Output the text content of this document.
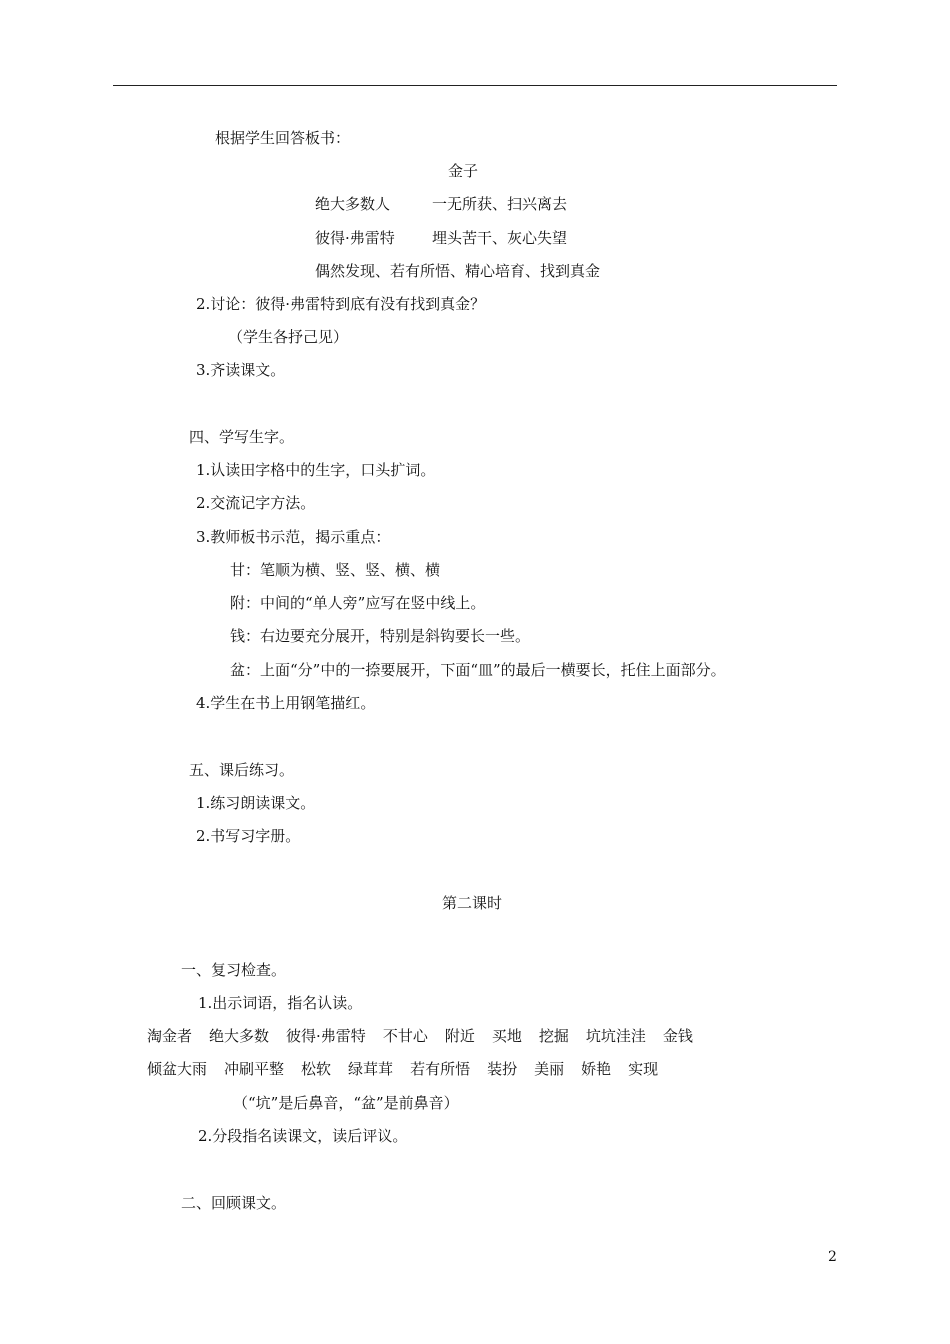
根据学生回答板书：
金子
绝大多数人	一无所获、扫兴离去
彼得·弗雷特 埋头苦干、灰心失望
偶然发现、若有所悟、精心培育、找到真金
2.讨论：彼得·弗雷特到底有没有找到真金？
（学生各抒己见）
3.齐读课文。
四、学写生字。
1.认读田字格中的生字，口头扩词。
2.交流记字方法。
3.教师板书示范，揭示重点：
甘：笔顺为横、竖、竖、横、横
附：中间的“单人旁”应写在竖中线上。
钱：右边要充分展开，特别是斜钩要长一些。
盆：上面“分”中的一捺要展开，下面“皿”的最后一横要长，托住上面部分。
4.学生在书上用钢笔描红。
五、课后练习。
1.练习朗读课文。
2.书写习字册。
第二课时
一、复习检查。
1.出示词语，指名认读。
淘金者 绝大多数 彼得·弗雷特 不甘心 附近 买地 挖掘 坑坑洼洼 金钱
倾盆大雨 冲刷平整 松软 绿茸茸 若有所悟 装扮 美丽 娇艳 实现
（“坑”是后鼻音，“盆”是前鼻音）
2.分段指名读课文，读后评议。
二、回顾课文。
2
